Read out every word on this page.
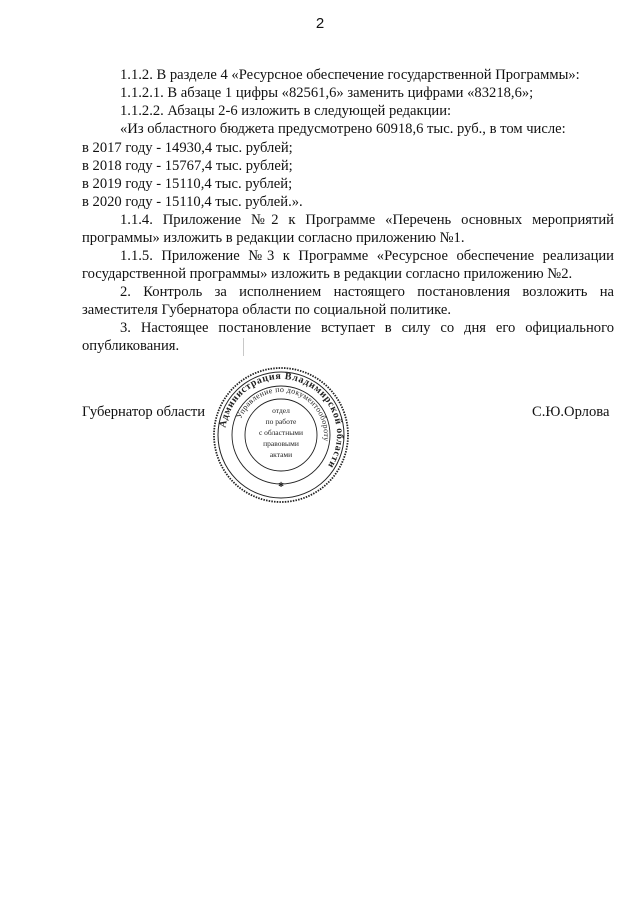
2
1.1.2. В разделе 4 «Ресурсное обеспечение государственной Программы»:
1.1.2.1. В абзаце 1 цифры «82561,6» заменить цифрами «83218,6»;
1.1.2.2. Абзацы 2-6 изложить в следующей редакции:
«Из областного бюджета предусмотрено 60918,6 тыс. руб., в том числе:
в 2017 году - 14930,4 тыс. рублей;
в 2018 году - 15767,4 тыс. рублей;
в 2019 году - 15110,4 тыс. рублей;
в 2020 году - 15110,4 тыс. рублей.».
1.1.4. Приложение №2 к Программе «Перечень основных мероприятий
программы» изложить в редакции согласно приложению №1.
1.1.5. Приложение №3 к Программе «Ресурсное обеспечение реализации
государственной программы» изложить в редакции согласно приложению №2.
2. Контроль за исполнением настоящего постановления возложить на
заместителя Губернатора области по социальной политике.
3. Настоящее постановление вступает в силу со дня его официального
опубликования.
Губернатор области
Администрация Владимирской области
Управление по документообороту
отдел
по работе
с областными
правовыми
актами
✱
С.Ю.Орлова
